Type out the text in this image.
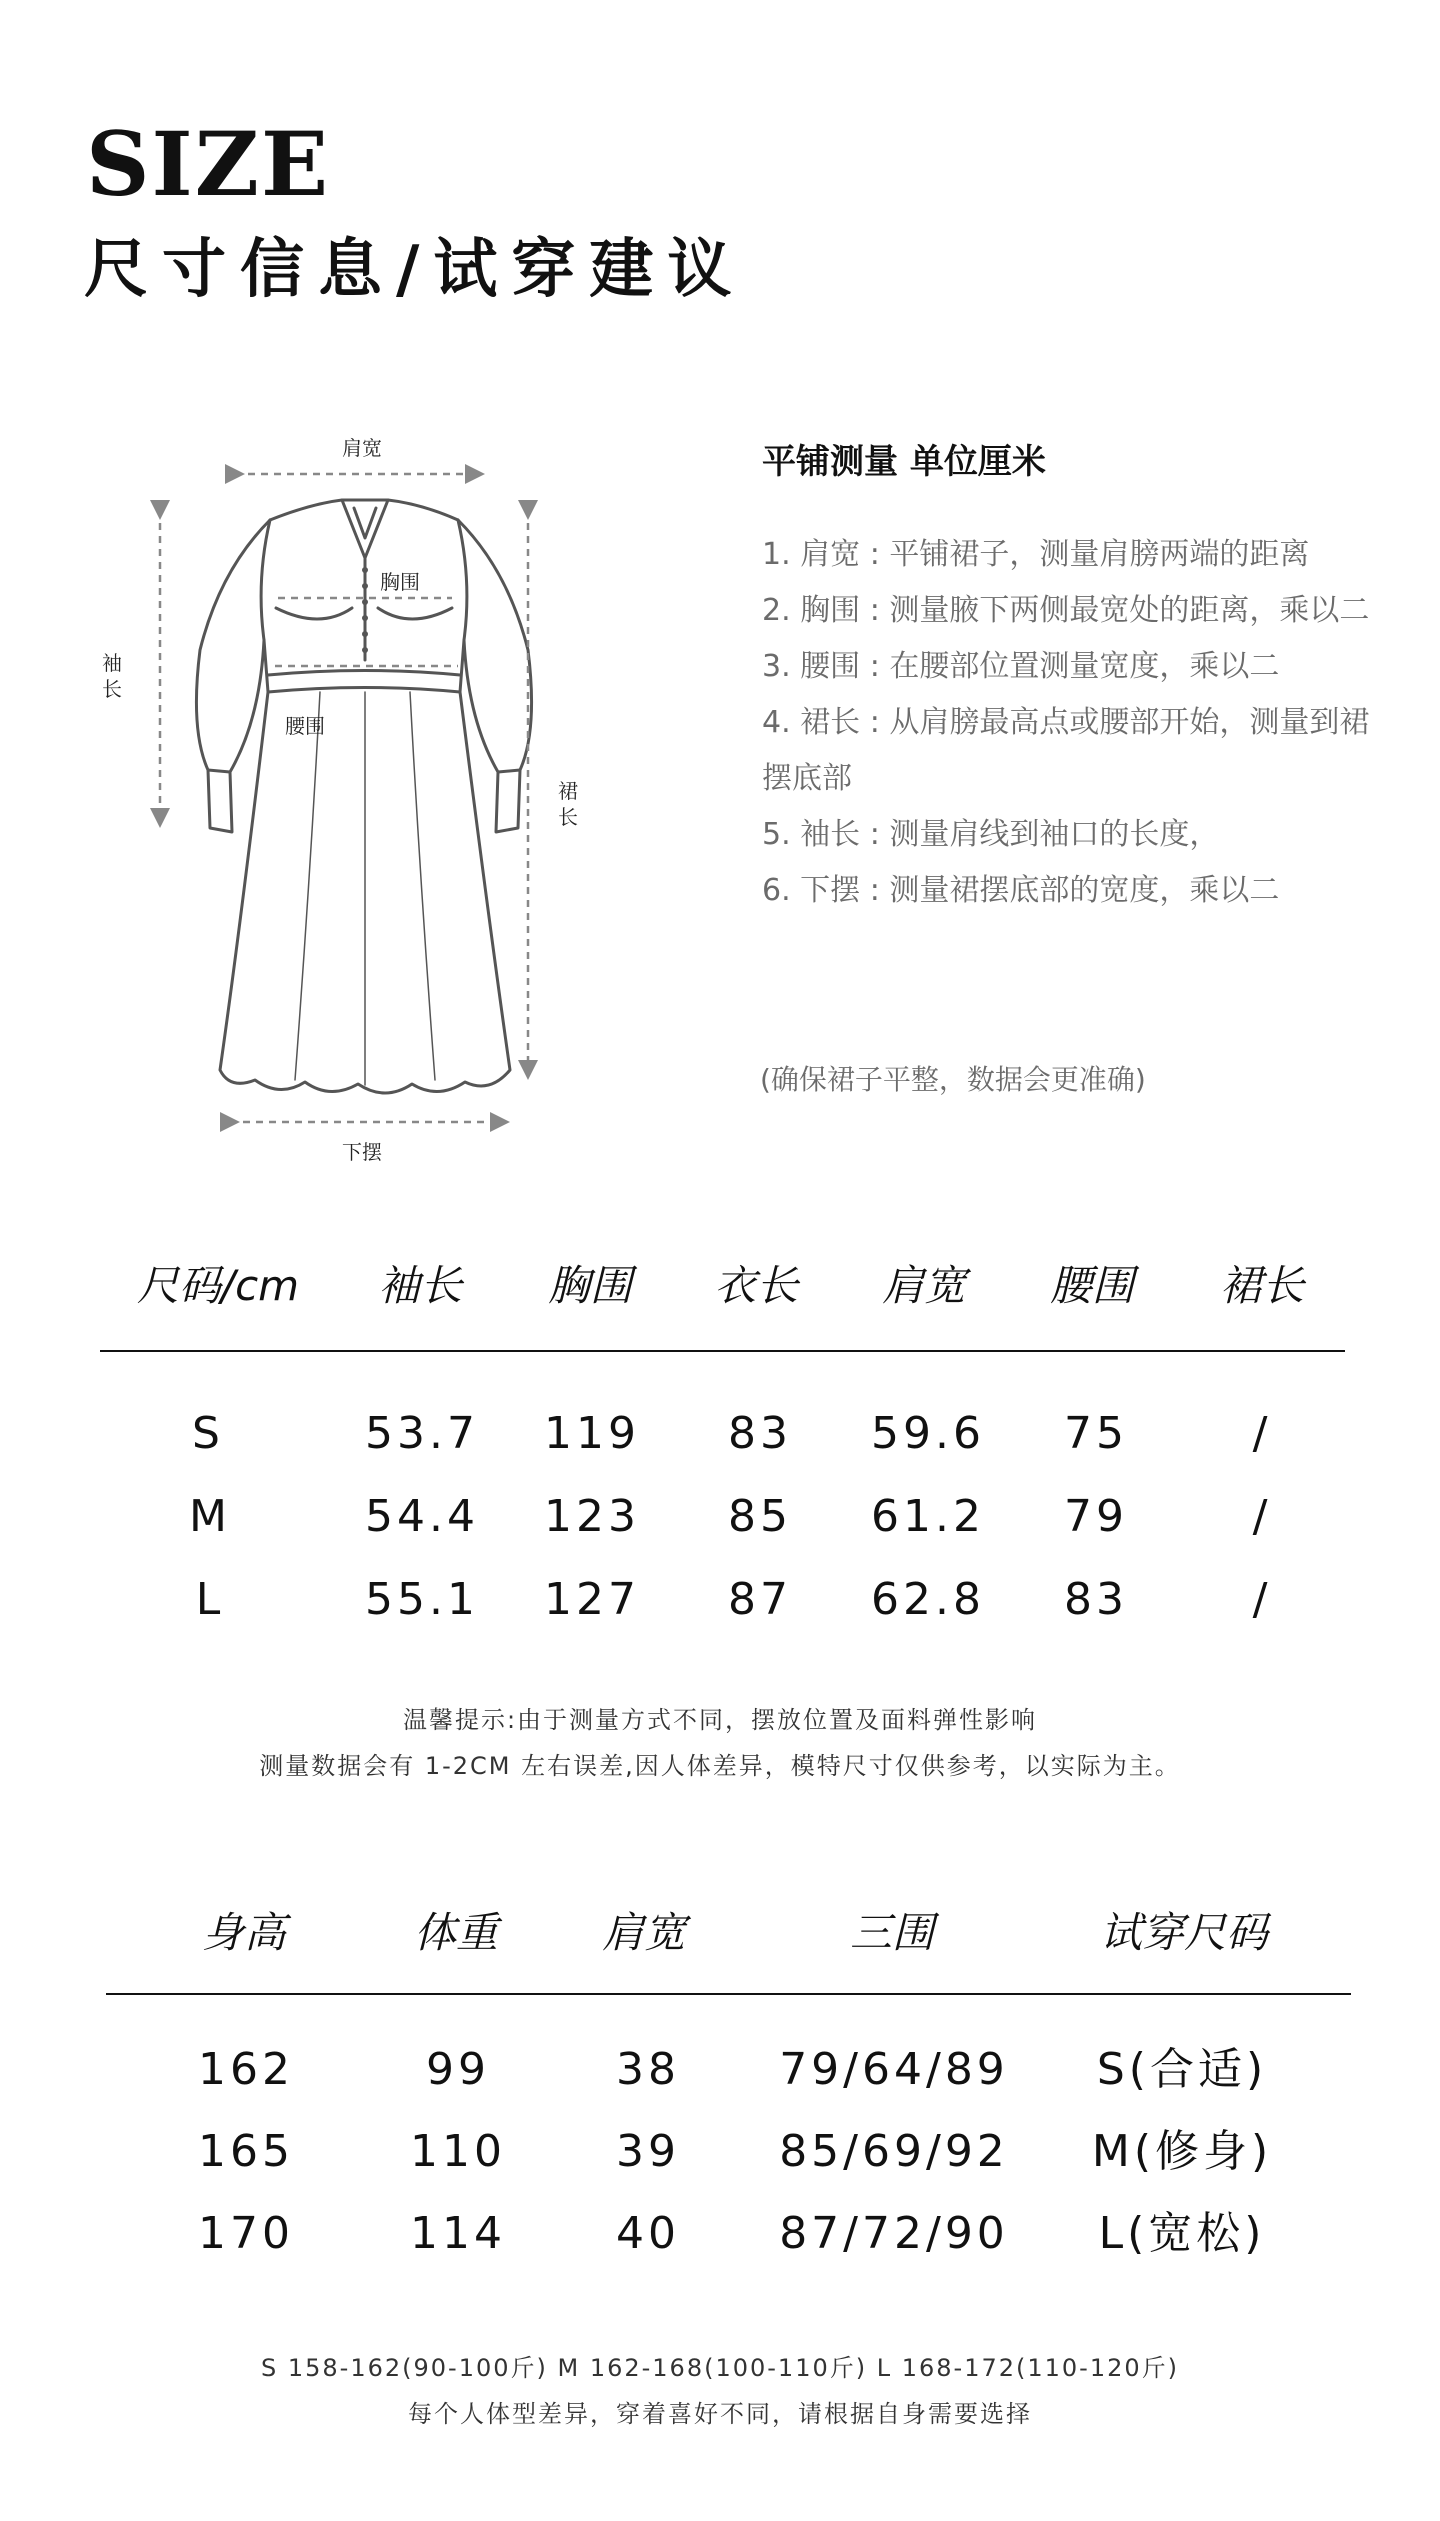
SIZE
尺寸信息/试穿建议
肩宽
胸围
腰围
袖长
裙长
下摆
平铺测量 单位厘米

1. 肩宽 : 平铺裙子，测量肩膀两端的距离

2. 胸围 : 测量腋下两侧最宽处的距离，乘以二

3. 腰围 : 在腰部位置测量宽度，乘以二

4. 裙长 : 从肩膀最高点或腰部开始，测量到裙摆底部

5. 袖长 : 测量肩线到袖口的长度，

6. 下摆 : 测量裙摆底部的宽度，乘以二

(确保裙子平整，数据会更准确)
尺码/cm 袖长 胸围 衣长 肩宽 腰围 裙长
S	53.7 119 83 59.6 75	/
M	54.4 123 85 61.2 79	/
L	55.1 127 87 62.8 83	/
温馨提示:由于测量方式不同，摆放位置及面料弹性影响
测量数据会有 1-2CM 左右误差,因人体差异，模特尺寸仅供参考，以实际为主。
身高	体重 肩宽	三围	试穿尺码
162	99	38 79/64/89 S(合适)
165	110	39 85/69/92 M(修身)
170	114	40 87/72/90 L(宽松)
S 158-162(90-100斤) M 162-168(100-110斤) L 168-172(110-120斤)
每个人体型差异，穿着喜好不同，请根据自身需要选择
